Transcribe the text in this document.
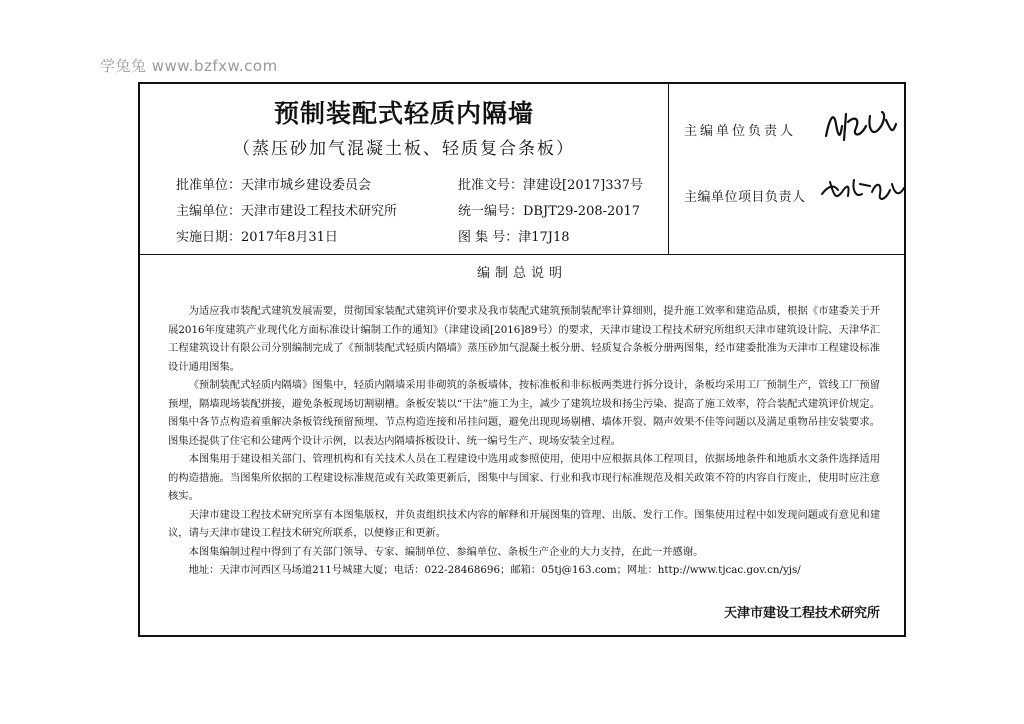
学兔兔 www.bzfxw.com
预制装配式轻质内隔墙
（蒸压砂加气混凝土板、轻质复合条板）
批准单位：天津市城乡建设委员会	批准文号：津建设[2017]337号
主编单位：天津市建设工程技术研究所	统一编号：DBJT29-208-2017
实施日期：2017年8月31日	图 集 号：津17J18
主编单位负责人
主编单位项目负责人
编制总说明

为适应我市装配式建筑发展需要，贯彻国家装配式建筑评价要求及我市装配式建筑预制装配率计算细则，提升施工效率和建造品质，根据《市建委关于开展2016年度建筑产业现代化方面标准设计编制工作的通知》（津建设函[2016]89号）的要求，天津市建设工程技术研究所组织天津市建筑设计院、天津华汇工程建筑设计有限公司分别编制完成了《预制装配式轻质内隔墙》蒸压砂加气混凝土板分册、轻质复合条板分册两图集，经市建委批准为天津市工程建设标准设计通用图集。

《预制装配式轻质内隔墙》图集中，轻质内隔墙采用非砌筑的条板墙体，按标准板和非标板两类进行拆分设计，条板均采用工厂预制生产，管线工厂预留预埋，隔墙现场装配拼接，避免条板现场切割剔槽。条板安装以“干法”施工为主，减少了建筑垃圾和扬尘污染、提高了施工效率，符合装配式建筑评价规定。图集中各节点构造着重解决条板管线预留预埋、节点构造连接和吊挂问题，避免出现现场剔槽、墙体开裂、隔声效果不佳等问题以及满足重物吊挂安装要求。图集还提供了住宅和公建两个设计示例，以表达内隔墙拆板设计、统一编号生产、现场安装全过程。

本图集用于建设相关部门、管理机构和有关技术人员在工程建设中选用或参照使用，使用中应根据具体工程项目，依据场地条件和地质水文条件选择适用的构造措施。当图集所依据的工程建设标准规范或有关政策更新后，图集中与国家、行业和我市现行标准规范及相关政策不符的内容自行废止，使用时应注意核实。

天津市建设工程技术研究所享有本图集版权，并负责组织技术内容的解释和开展图集的管理、出版、发行工作。图集使用过程中如发现问题或有意见和建议，请与天津市建设工程技术研究所联系，以便修正和更新。

本图集编制过程中得到了有关部门领导、专家、编制单位、参编单位、条板生产企业的大力支持，在此一并感谢。

地址：天津市河西区马场道211号城建大厦；电话：022-28468696；邮箱：05tj@163.com；网址：http://www.tjcac.gov.cn/yjs/

天津市建设工程技术研究所
